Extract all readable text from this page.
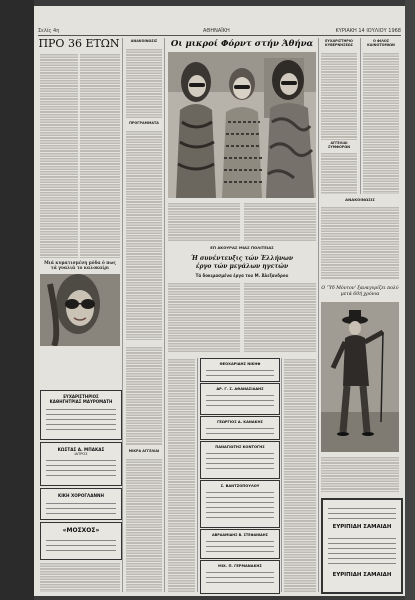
Σελίς 4η	ΑΘΗΝΑΪΚΗ	ΚΥΡΙΑΚΗ 14 ΙΟΥΛΙΟΥ 1968
ΠΡΟ 36 ΕΤΩΝ
Μιά κυματισμένη μόδα ό πως τά γυαλιά το καλοκαίρι
ΕΥΧΑΡΙΣΤΗΡΙΟΣ
ΚΑΘΗΓΗΤΡΙΑΣ ΜΑΥΡΟΜΑΤΗ
ΚΩΣΤΑΣ Α. ΜΠΑΚΑΣ
ΙΑΤΡΟΣ
ΚΙΚΗ ΧΟΡΟΓΛΑΝΝΗ
«ΜΟΣΧΟΣ»
ΑΝΑΚΟΙΝΩΣΙΣ
ΠΡΟΓΡΑΜΜΑΤΑ
ΜΙΚΡΑ ΑΓΓΕΛΙΑΙ
Οι μικροί Φόρντ στήν Άθήνα
ΕΠ ΑΚΟΥΡΑΣ ΜΙΑΣ ΠΟΛΙΤΕΙΑΣ
Ή συνέντευξις τών Έλλήνων
έργο τών μεγάλων ηγετών
Τά δοκιμασμένα έργα του Μ. Άλεξανδρου
ΘΕΟΧΑΡΙΔΗΣ ΝΙΚΗΦ
ΔΡ. Γ. Σ. ΑΘΑΝΑΣΙΑΔΗΣ
ΓΕΩΡΓΙΟΣ Δ. ΚΑΝΑΚΗΣ
ΠΑΝΑΓΙΩΤΗΣ ΚΟΝΤΟΓΗΣ
Σ. ΒΑΝΤΖΟΠΟΥΛΟΥ
ΑΒΡΑΑΜΙΔΗΣ Β. ΣΤΕΦΑΝΙΔΗΣ
ΜΙΧ. Π. ΓΕΡΜΑΝΑΚΗΣ
ΕΥΧΑΡΙΣΤΗΡΙΟ ΚΥΒΕΡΝΗΣΕΩΣ
ΑΓΓΕΛΙΑΙ ΣΥΜΦΟΡΩΝ
Ο ΦΙΛΟΣ ΚΑΙΝΟΤΟΜΙΩΝ
ΑΝΑΚΟΙΝΩΣΙΣ
Ο 'Ύδ Μόντον' ξαναγυρίζει πολύ μετά 60ή χρόνια
ΕΥΡΙΠΙΔΗ ΣΑΜΑΙΔΗ
ΕΥΡΙΠΙΔΗ ΣΑΜΑΙΔΗ
